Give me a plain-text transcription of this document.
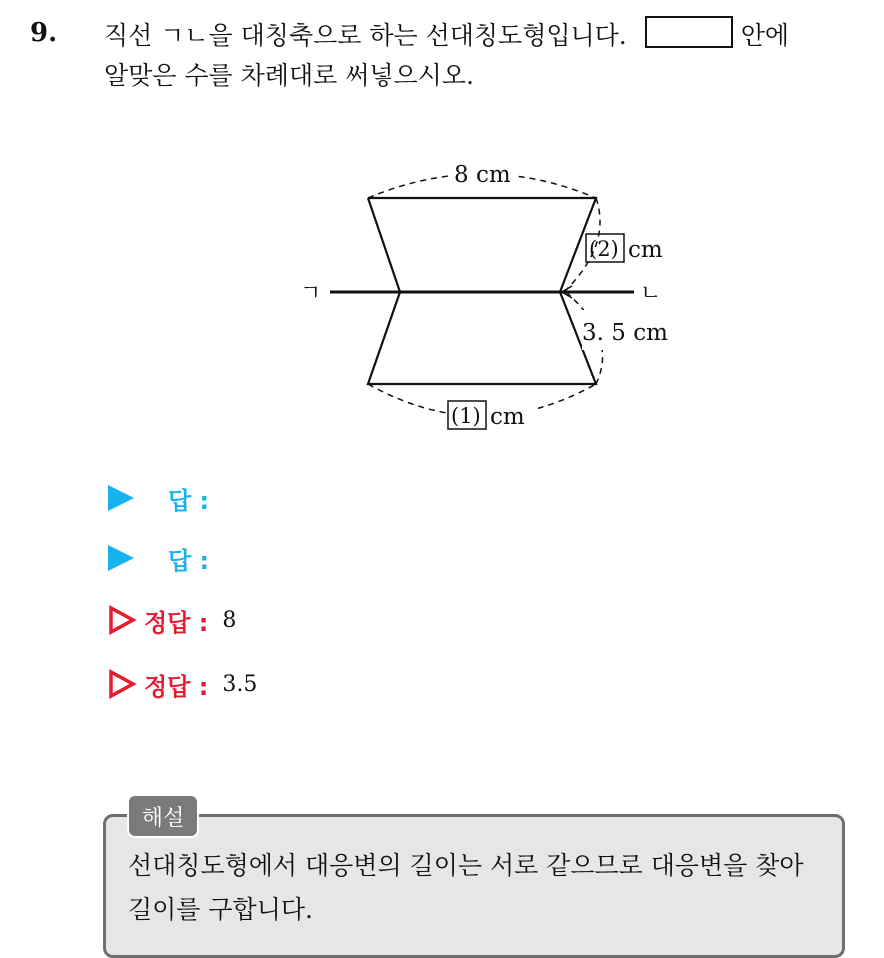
9. 직선 ㄱㄴ을 대칭축으로 하는 선대칭도형입니다.	안에
알맞은 수를 차례대로 써넣으시오.
8 cm
(2) cm
3. 5 cm
(1) cm
ㄱ	ㄴ
답 :
답 :
정답 : 8
정답 : 3.5
해설
선대칭도형에서 대응변의 길이는 서로 같으므로 대응변을 찾아 길이를 구합니다.
